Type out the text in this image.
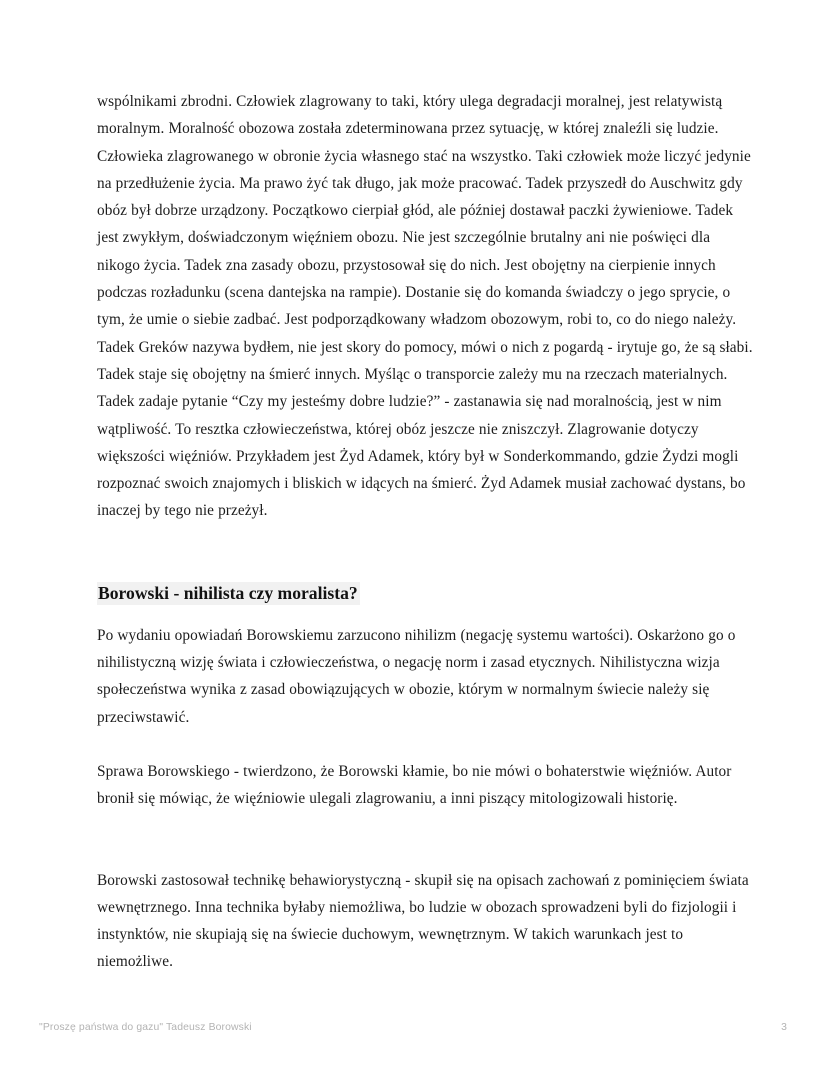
wspólnikami zbrodni. Człowiek zlagrowany to taki, który ulega degradacji moralnej, jest relatywistą moralnym. Moralność obozowa została zdeterminowana przez sytuację, w której znaleźli się ludzie. Człowieka zlagrowanego w obronie życia własnego stać na wszystko. Taki człowiek może liczyć jedynie na przedłużenie życia. Ma prawo żyć tak długo, jak może pracować. Tadek przyszedł do Auschwitz gdy obóz był dobrze urządzony. Początkowo cierpiał głód, ale później dostawał paczki żywieniowe. Tadek jest zwykłym, doświadczonym więźniem obozu. Nie jest szczególnie brutalny ani nie poświęci dla nikogo życia. Tadek zna zasady obozu, przystosował się do nich. Jest obojętny na cierpienie innych podczas rozładunku (scena dantejska na rampie). Dostanie się do komanda świadczy o jego sprycie, o tym, że umie o siebie zadbać. Jest podporządkowany władzom obozowym, robi to, co do niego należy. Tadek Greków nazywa bydłem, nie jest skory do pomocy, mówi o nich z pogardą - irytuje go, że są słabi. Tadek staje się obojętny na śmierć innych. Myśląc o transporcie zależy mu na rzeczach materialnych. Tadek zadaje pytanie “Czy my jesteśmy dobre ludzie?” - zastanawia się nad moralnością, jest w nim wątpliwość. To resztka człowieczeństwa, której obóz jeszcze nie zniszczył. Zlagrowanie dotyczy większości więźniów. Przykładem jest Żyd Adamek, który był w Sonderkommando, gdzie Żydzi mogli rozpoznać swoich znajomych i bliskich w idących na śmierć. Żyd Adamek musiał zachować dystans, bo inaczej by tego nie przeżył.

Borowski - nihilista czy moralista?

Po wydaniu opowiadań Borowskiemu zarzucono nihilizm (negację systemu wartości). Oskarżono go o nihilistyczną wizję świata i człowieczeństwa, o negację norm i zasad etycznych. Nihilistyczna wizja społeczeństwa wynika z zasad obowiązujących w obozie, którym w normalnym świecie należy się przeciwstawić.

Sprawa Borowskiego - twierdzono, że Borowski kłamie, bo nie mówi o bohaterstwie więźniów. Autor bronił się mówiąc, że więźniowie ulegali zlagrowaniu, a inni piszący mitologizowali historię.

Borowski zastosował technikę behawiorystyczną - skupił się na opisach zachowań z pominięciem świata wewnętrznego. Inna technika byłaby niemożliwa, bo ludzie w obozach sprowadzeni byli do fizjologii i instynktów, nie skupiają się na świecie duchowym, wewnętrznym. W takich warunkach jest to niemożliwe.

"Proszę państwa do gazu" Tadeusz Borowski	3
